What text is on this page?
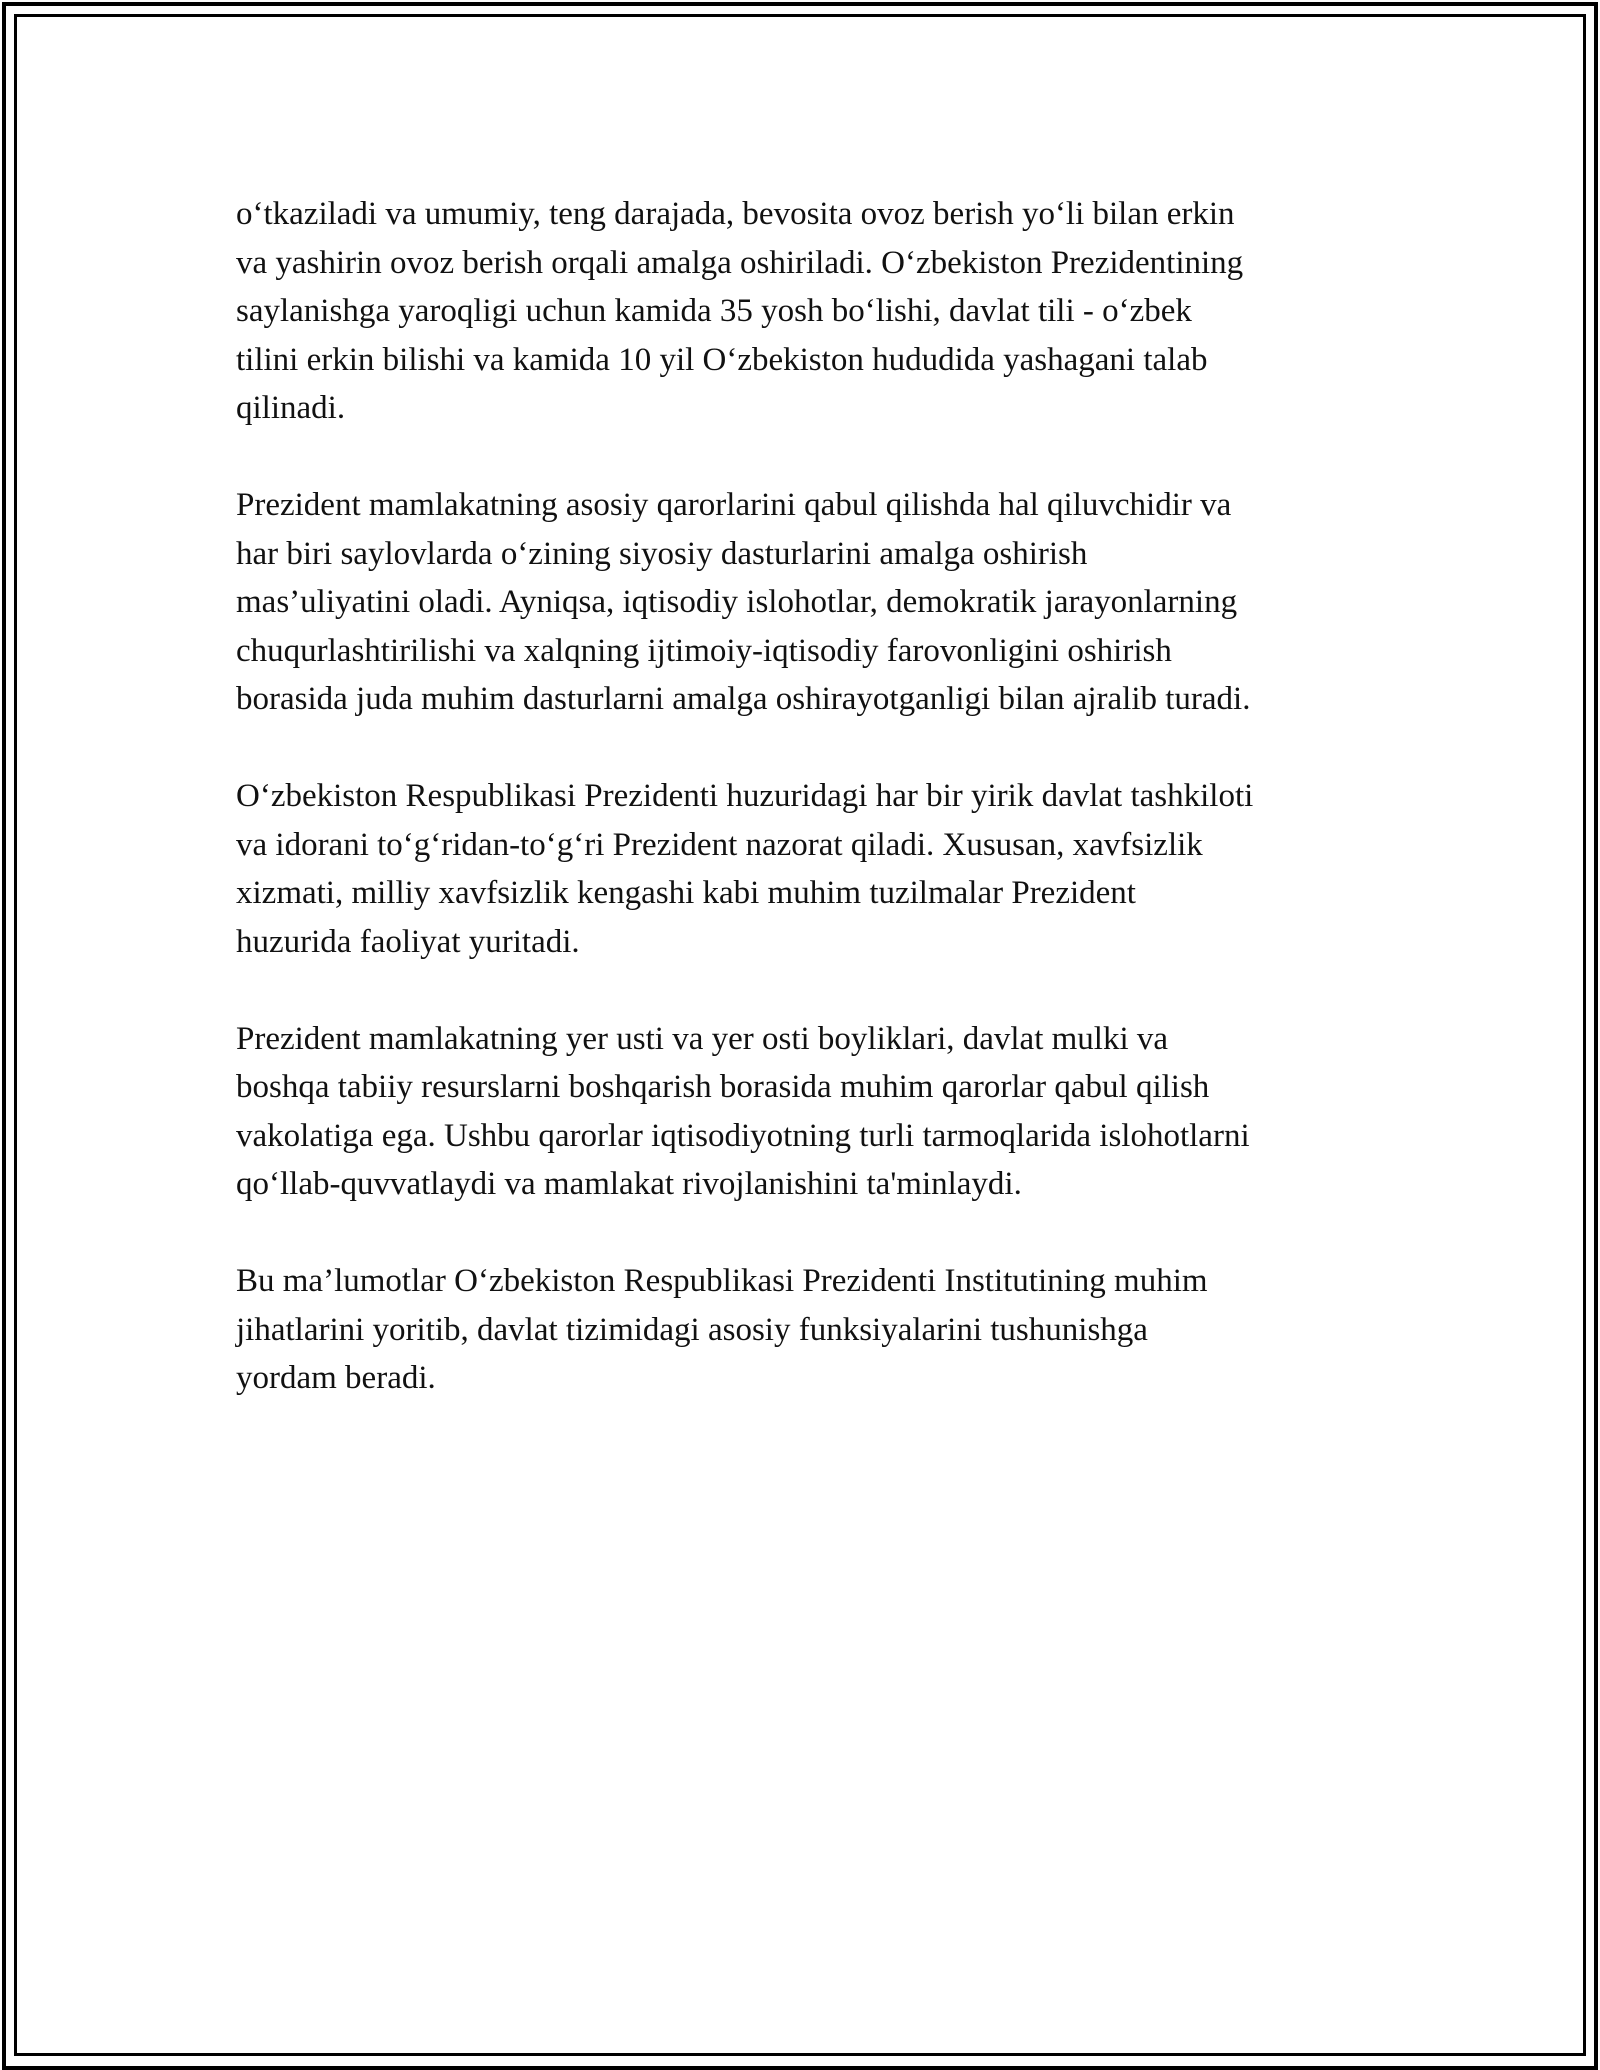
o‘tkaziladi va umumiy, teng darajada, bevosita ovoz berish yo‘li bilan erkin
va yashirin ovoz berish orqali amalga oshiriladi. O‘zbekiston Prezidentining
saylanishga yaroqligi uchun kamida 35 yosh bo‘lishi, davlat tili - o‘zbek
tilini erkin bilishi va kamida 10 yil O‘zbekiston hududida yashagani talab
qilinadi.

Prezident mamlakatning asosiy qarorlarini qabul qilishda hal qiluvchidir va
har biri saylovlarda o‘zining siyosiy dasturlarini amalga oshirish
mas’uliyatini oladi. Ayniqsa, iqtisodiy islohotlar, demokratik jarayonlarning
chuqurlashtirilishi va xalqning ijtimoiy-iqtisodiy farovonligini oshirish
borasida juda muhim dasturlarni amalga oshirayotganligi bilan ajralib turadi.

O‘zbekiston Respublikasi Prezidenti huzuridagi har bir yirik davlat tashkiloti
va idorani to‘g‘ridan-to‘g‘ri Prezident nazorat qiladi. Xususan, xavfsizlik
xizmati, milliy xavfsizlik kengashi kabi muhim tuzilmalar Prezident
huzurida faoliyat yuritadi.

Prezident mamlakatning yer usti va yer osti boyliklari, davlat mulki va
boshqa tabiiy resurslarni boshqarish borasida muhim qarorlar qabul qilish
vakolatiga ega. Ushbu qarorlar iqtisodiyotning turli tarmoqlarida islohotlarni
qo‘llab-quvvatlaydi va mamlakat rivojlanishini ta'minlaydi.

Bu ma’lumotlar O‘zbekiston Respublikasi Prezidenti Institutining muhim
jihatlarini yoritib, davlat tizimidagi asosiy funksiyalarini tushunishga
yordam beradi.
